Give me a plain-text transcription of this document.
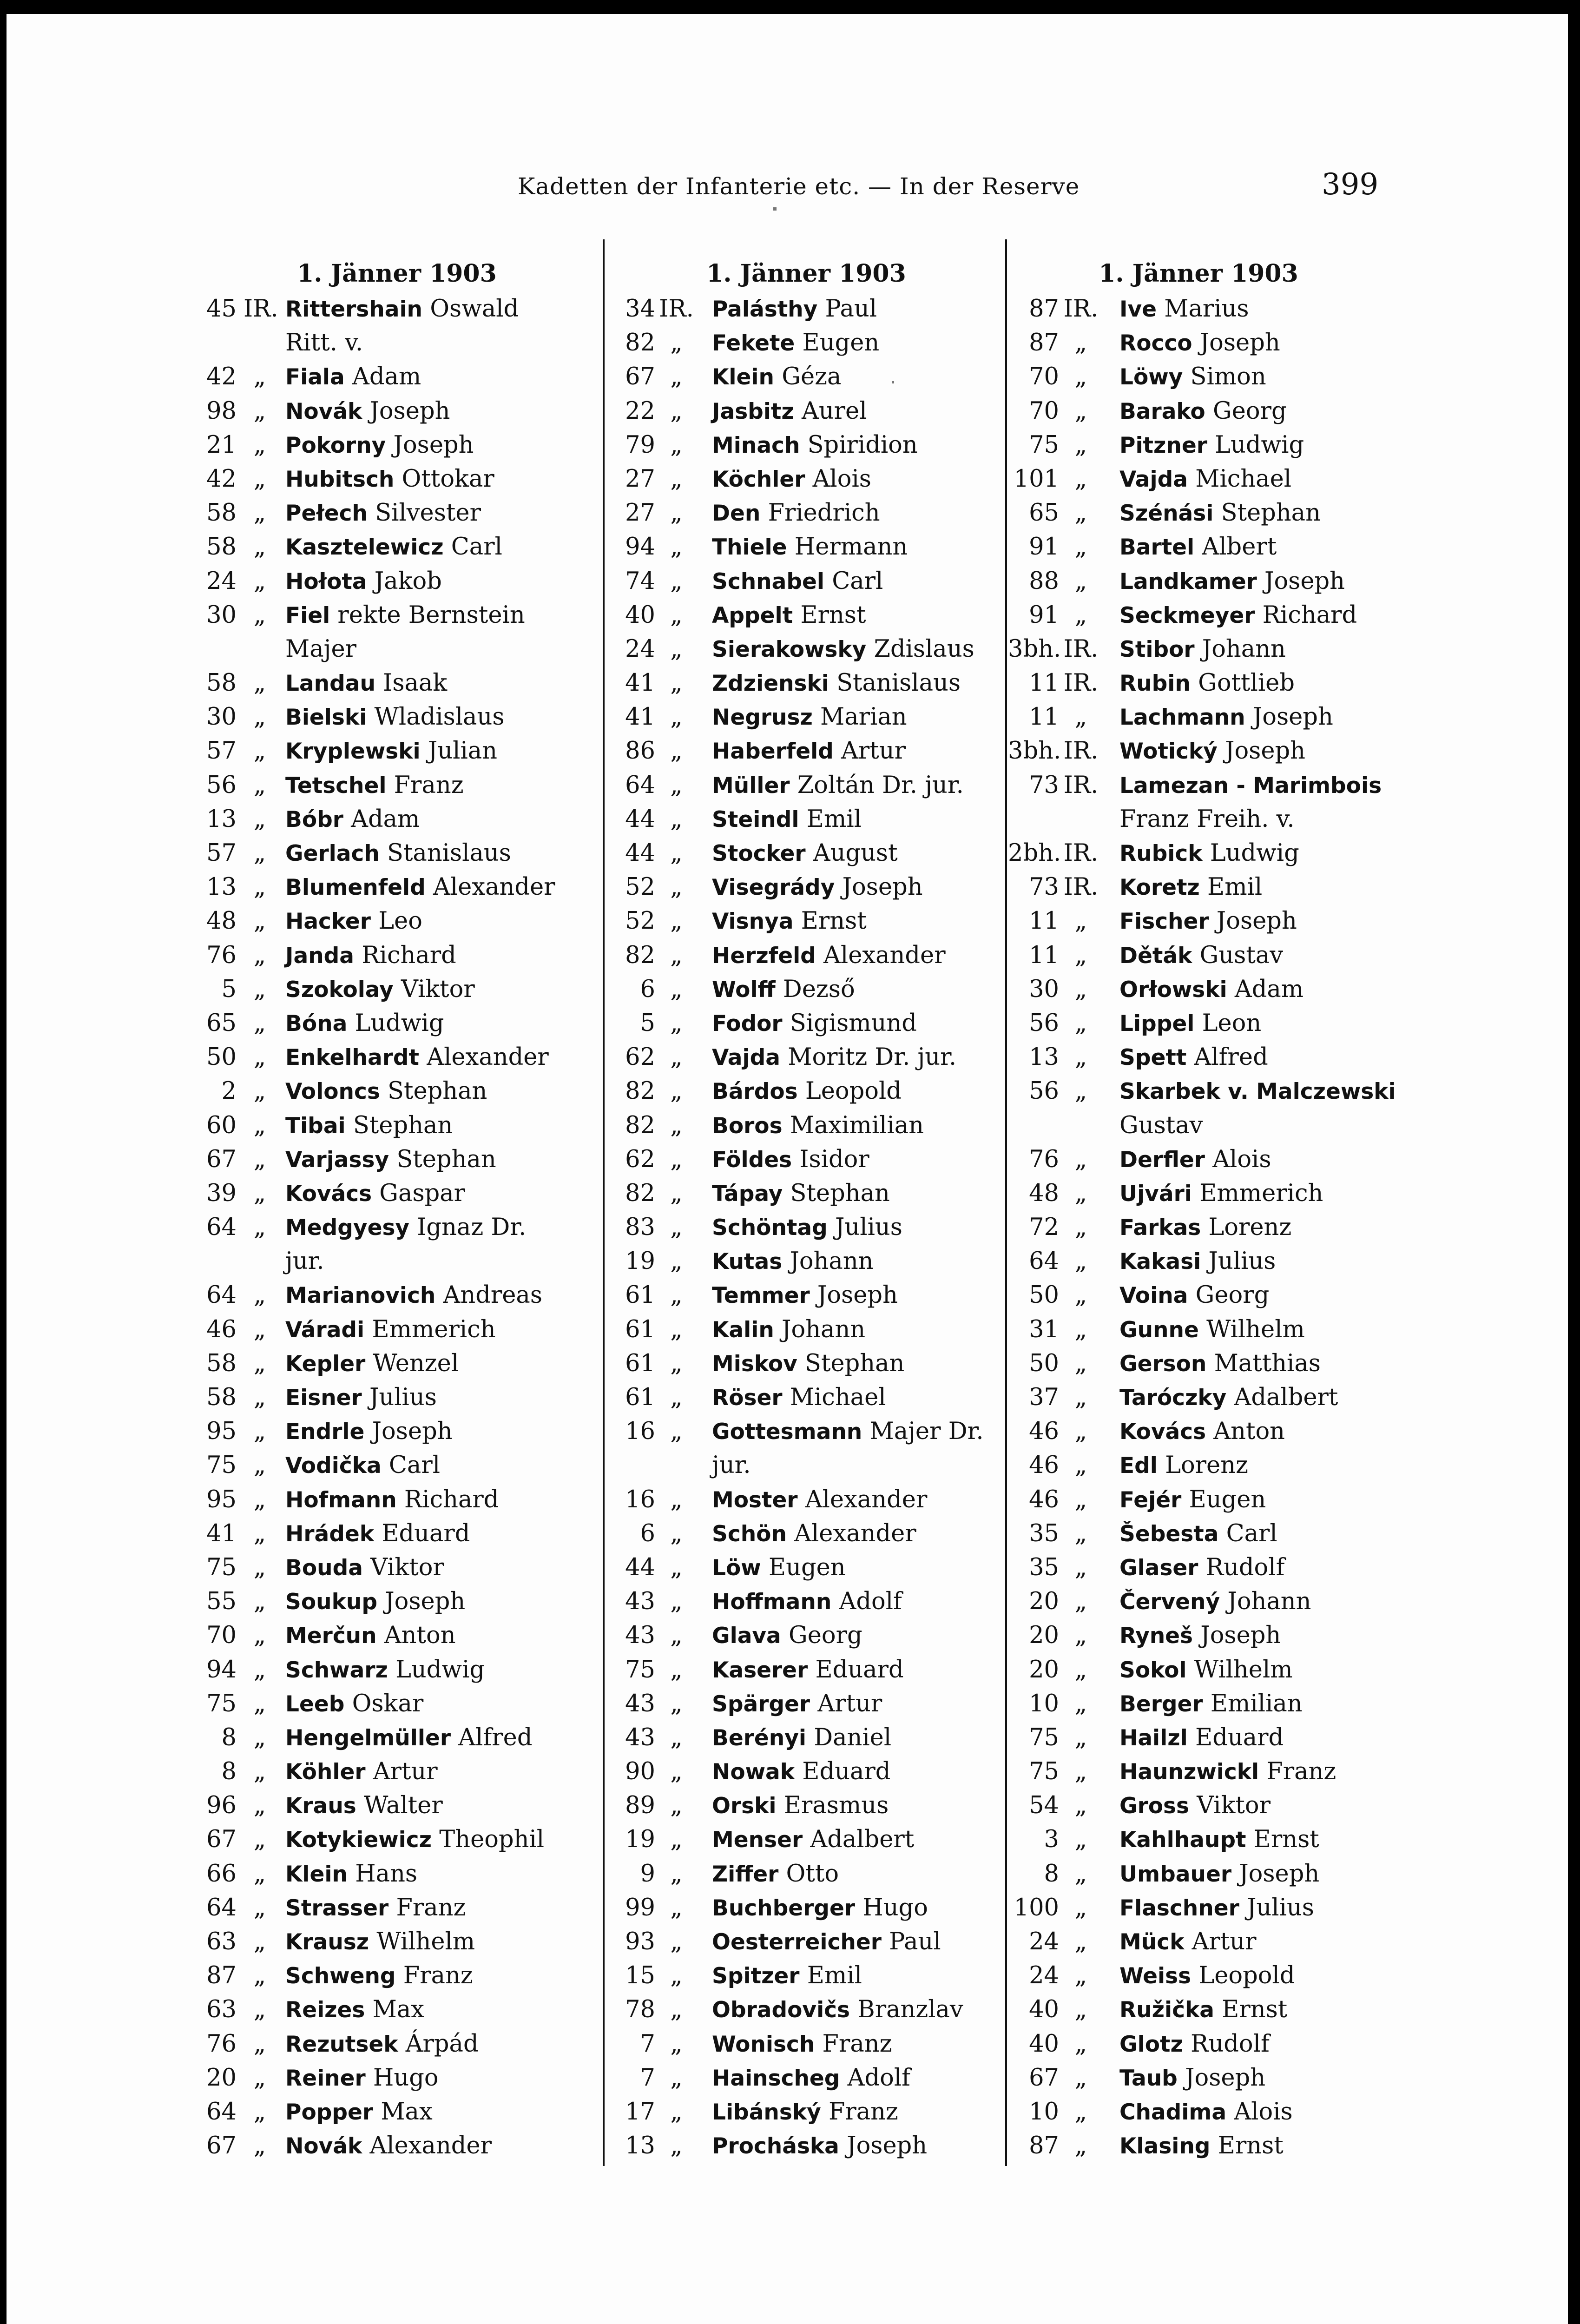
Kadetten der Infanterie etc. — In der Reserve	399
1. Jänner 1903
45 IR. Rittershain Oswald
Ritt. v.
42 „ Fiala Adam
98 „ Novák Joseph
21 „ Pokorny Joseph
42 „ Hubitsch Ottokar
58 „ Pełech Silvester
58 „ Kasztelewicz Carl
24 „ Hołota Jakob
30 „ Fiel rekte Bernstein
Majer
58 „ Landau Isaak
30 „ Bielski Wladislaus
57 „ Kryplewski Julian
56 „ Tetschel Franz
13 „ Bóbr Adam
57 „ Gerlach Stanislaus
13 „ Blumenfeld Alexander
48 „ Hacker Leo
76 „ Janda Richard
5 „ Szokolay Viktor
65 „ Bóna Ludwig
50 „ Enkelhardt Alexander
2 „ Voloncs Stephan
60 „ Tibai Stephan
67 „ Varjassy Stephan
39 „ Kovács Gaspar
64 „ Medgyesy Ignaz Dr.
jur.
64 „ Marianovich Andreas
46 „ Váradi Emmerich
58 „ Kepler Wenzel
58 „ Eisner Julius
95 „ Endrle Joseph
75 „ Vodička Carl
95 „ Hofmann Richard
41 „ Hrádek Eduard
75 „ Bouda Viktor
55 „ Soukup Joseph
70 „ Merčun Anton
94 „ Schwarz Ludwig
75 „ Leeb Oskar
8 „ Hengelmüller Alfred
8 „ Köhler Artur
96 „ Kraus Walter
67 „ Kotykiewicz Theophil
66 „ Klein Hans
64 „ Strasser Franz
63 „ Krausz Wilhelm
87 „ Schweng Franz
63 „ Reizes Max
76 „ Rezutsek Árpád
20 „ Reiner Hugo
64 „ Popper Max
67 „ Novák Alexander
1. Jänner 1903
34 IR. Palásthy Paul
82 „	Fekete Eugen
67 „	Klein Géza
22 „	Jasbitz Aurel
79 „	Minach Spiridion
27 „	Köchler Alois
27 „	Den Friedrich
94 „	Thiele Hermann
74 „	Schnabel Carl
40 „	Appelt Ernst
24 „	Sierakowsky Zdislaus
41 „	Zdzienski Stanislaus
41 „	Negrusz Marian
86 „	Haberfeld Artur
64 „	Müller Zoltán Dr. jur.
44 „	Steindl Emil
44 „	Stocker August
52 „	Visegrády Joseph
52 „	Visnya Ernst
82 „	Herzfeld Alexander
6 „	Wolff Dezső
5 „	Fodor Sigismund
62 „	Vajda Moritz Dr. jur.
82 „	Bárdos Leopold
82 „	Boros Maximilian
62 „	Földes Isidor
82 „	Tápay Stephan
83 „	Schöntag Julius
19 „	Kutas Johann
61 „	Temmer Joseph
61 „	Kalin Johann
61 „	Miskov Stephan
61 „	Röser Michael
16 „	Gottesmann Majer Dr.
jur.
16 „	Moster Alexander
6 „	Schön Alexander
44 „	Löw Eugen
43 „	Hoffmann Adolf
43 „	Glava Georg
75 „	Kaserer Eduard
43 „	Spärger Artur
43 „	Berényi Daniel
90 „	Nowak Eduard
89 „	Orski Erasmus
19 „	Menser Adalbert
9 „	Ziffer Otto
99 „	Buchberger Hugo
93 „	Oesterreicher Paul
15 „	Spitzer Emil
78 „	Obradovičs Branzlav
7 „	Wonisch Franz
7 „	Hainscheg Adolf
17 „	Libánský Franz
13 „	Procháska Joseph
1. Jänner 1903
87 IR. Ive Marius
87 „	Rocco Joseph
70 „	Löwy Simon
70 „	Barako Georg
75 „	Pitzner Ludwig
101 „	Vajda Michael
65 „	Szénási Stephan
91 „	Bartel Albert
88 „	Landkamer Joseph
91 „	Seckmeyer Richard
3bh. IR. Stibor Johann
11 IR. Rubin Gottlieb
11 „	Lachmann Joseph
3bh. IR. Wotický Joseph
73 IR. Lamezan - Marimbois
Franz Freih. v.
2bh. IR. Rubick Ludwig
73 IR. Koretz Emil
11 „	Fischer Joseph
11 „	Děták Gustav
30 „	Orłowski Adam
56 „	Lippel Leon
13 „	Spett Alfred
56 „	Skarbek v. Malczewski
Gustav
76 „	Derfler Alois
48 „	Ujvári Emmerich
72 „	Farkas Lorenz
64 „	Kakasi Julius
50 „	Voina Georg
31 „	Gunne Wilhelm
50 „	Gerson Matthias
37 „	Taróczky Adalbert
46 „	Kovács Anton
46 „	Edl Lorenz
46 „	Fejér Eugen
35 „	Šebesta Carl
35 „	Glaser Rudolf
20 „	Červený Johann
20 „	Ryneš Joseph
20 „	Sokol Wilhelm
10 „	Berger Emilian
75 „	Hailzl Eduard
75 „	Haunzwickl Franz
54 „	Gross Viktor
3 „	Kahlhaupt Ernst
8 „	Umbauer Joseph
100 „	Flaschner Julius
24 „	Mück Artur
24 „	Weiss Leopold
40 „	Ružička Ernst
40 „	Glotz Rudolf
67 „	Taub Joseph
10 „	Chadima Alois
87 „	Klasing Ernst
